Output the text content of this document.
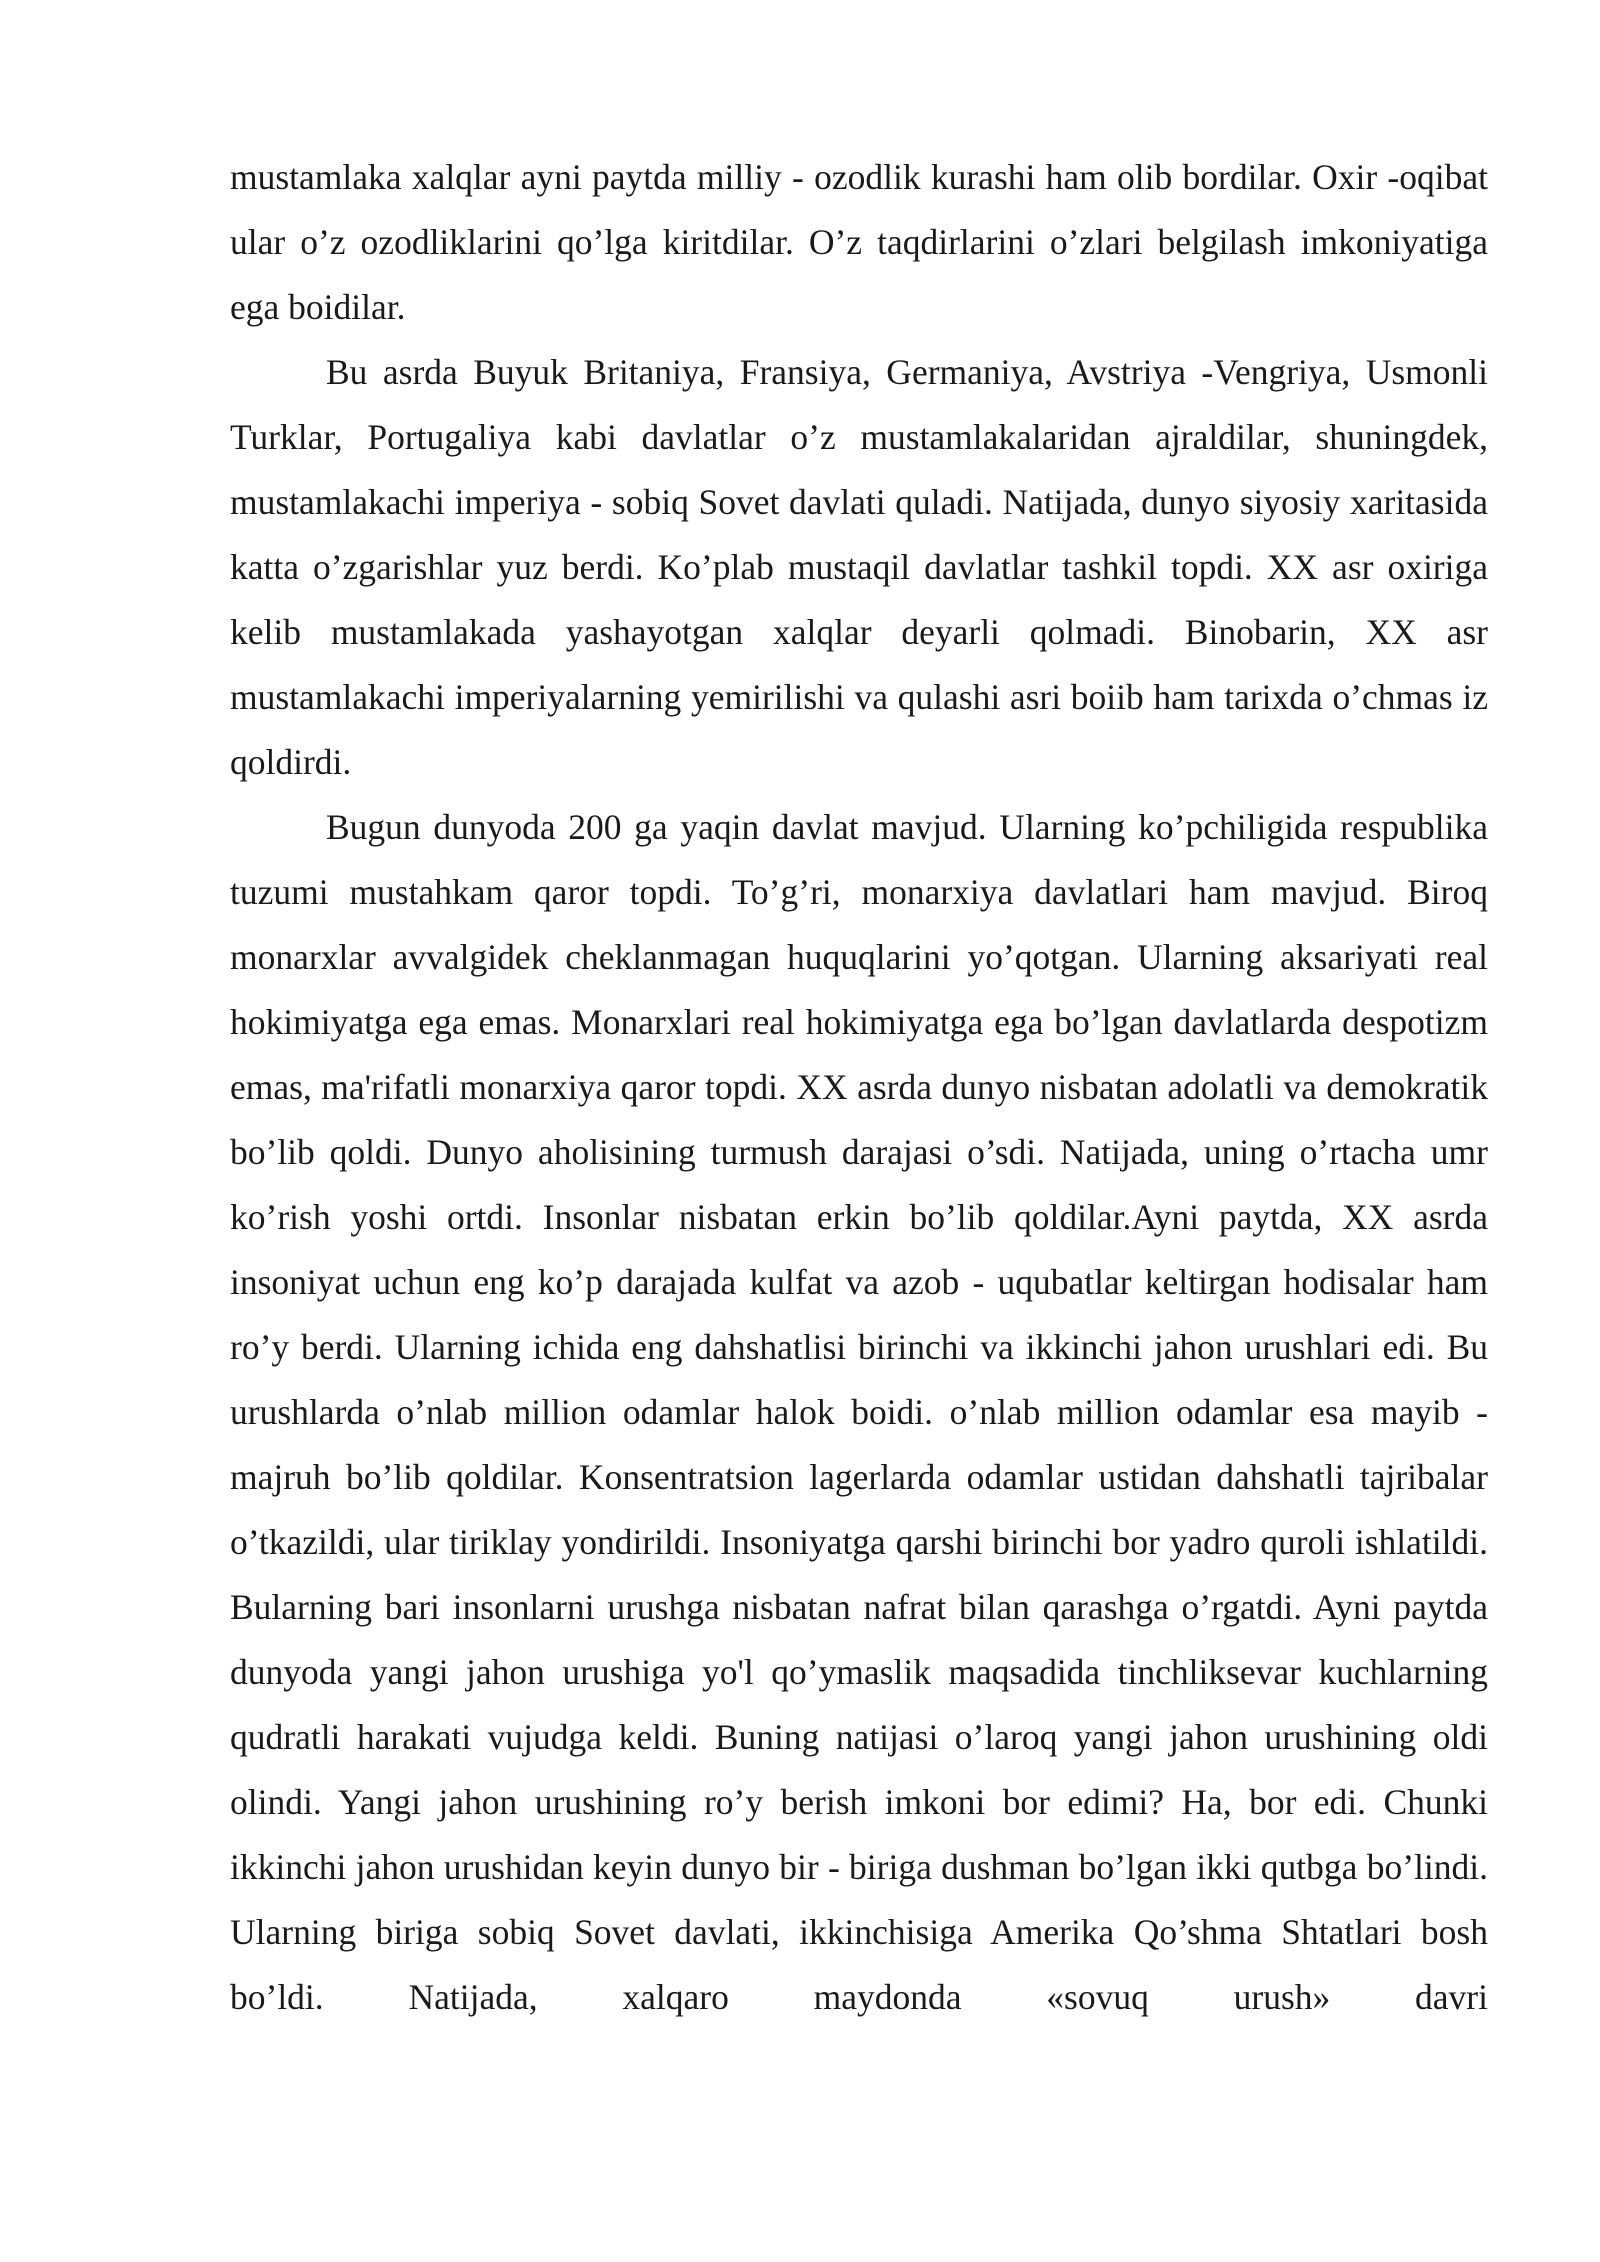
mustamlaka xalqlar ayni paytda milliy - ozodlik kurashi ham olib bordilar. Oxir -oqibat ular o’z ozodliklarini qo’lga kiritdilar. O’z taqdirlarini o’zlari belgilash imkoniyatiga ega boidilar.

Bu asrda Buyuk Britaniya, Fransiya, Germaniya, Avstriya -Vengriya, Usmonli Turklar, Portugaliya kabi davlatlar o’z mustamlakalaridan ajraldilar, shuningdek, mustamlakachi imperiya - sobiq Sovet davlati quladi. Natijada, dunyo siyosiy xaritasida katta o’zgarishlar yuz berdi. Ko’plab mustaqil davlatlar tashkil topdi. XX asr oxiriga kelib mustamlakada yashayotgan xalqlar deyarli qolmadi. Binobarin, XX asr mustamlakachi imperiyalarning yemirilishi va qulashi asri boiib ham tarixda o’chmas iz qoldirdi.

Bugun dunyoda 200 ga yaqin davlat mavjud. Ularning ko’pchiligida respublika tuzumi mustahkam qaror topdi. To’g’ri, monarxiya davlatlari ham mavjud. Biroq monarxlar avvalgidek cheklanmagan huquqlarini yo’qotgan. Ularning aksariyati real hokimiyatga ega emas. Monarxlari real hokimiyatga ega bo’lgan davlatlarda despotizm emas, ma'rifatli monarxiya qaror topdi. XX asrda dunyo nisbatan adolatli va demokratik bo’lib qoldi. Dunyo aholisining turmush darajasi o’sdi. Natijada, uning o’rtacha umr ko’rish yoshi ortdi. Insonlar nisbatan erkin bo’lib qoldilar.Ayni paytda, XX asrda insoniyat uchun eng ko’p darajada kulfat va azob - uqubatlar keltirgan hodisalar ham ro’y berdi. Ularning ichida eng dahshatlisi birinchi va ikkinchi jahon urushlari edi. Bu urushlarda o’nlab million odamlar halok boidi. o’nlab million odamlar esa mayib - majruh bo’lib qoldilar. Konsentratsion lagerlarda odamlar ustidan dahshatli tajribalar o’tkazildi, ular tiriklay yondirildi. Insoniyatga qarshi birinchi bor yadro quroli ishlatildi. Bularning bari insonlarni urushga nisbatan nafrat bilan qarashga o’rgatdi. Ayni paytda dunyoda yangi jahon urushiga yo'l qo’ymaslik maqsadida tinchliksevar kuchlarning qudratli harakati vujudga keldi. Buning natijasi o’laroq yangi jahon urushining oldi olindi. Yangi jahon urushining ro’y berish imkoni bor edimi? Ha, bor edi. Chunki ikkinchi jahon urushidan keyin dunyo bir - biriga dushman bo’lgan ikki qutbga bo’lindi. Ularning biriga sobiq Sovet davlati, ikkinchisiga Amerika Qo’shma Shtatlari bosh bo’ldi. Natijada, xalqaro maydonda «sovuq urush» davri
